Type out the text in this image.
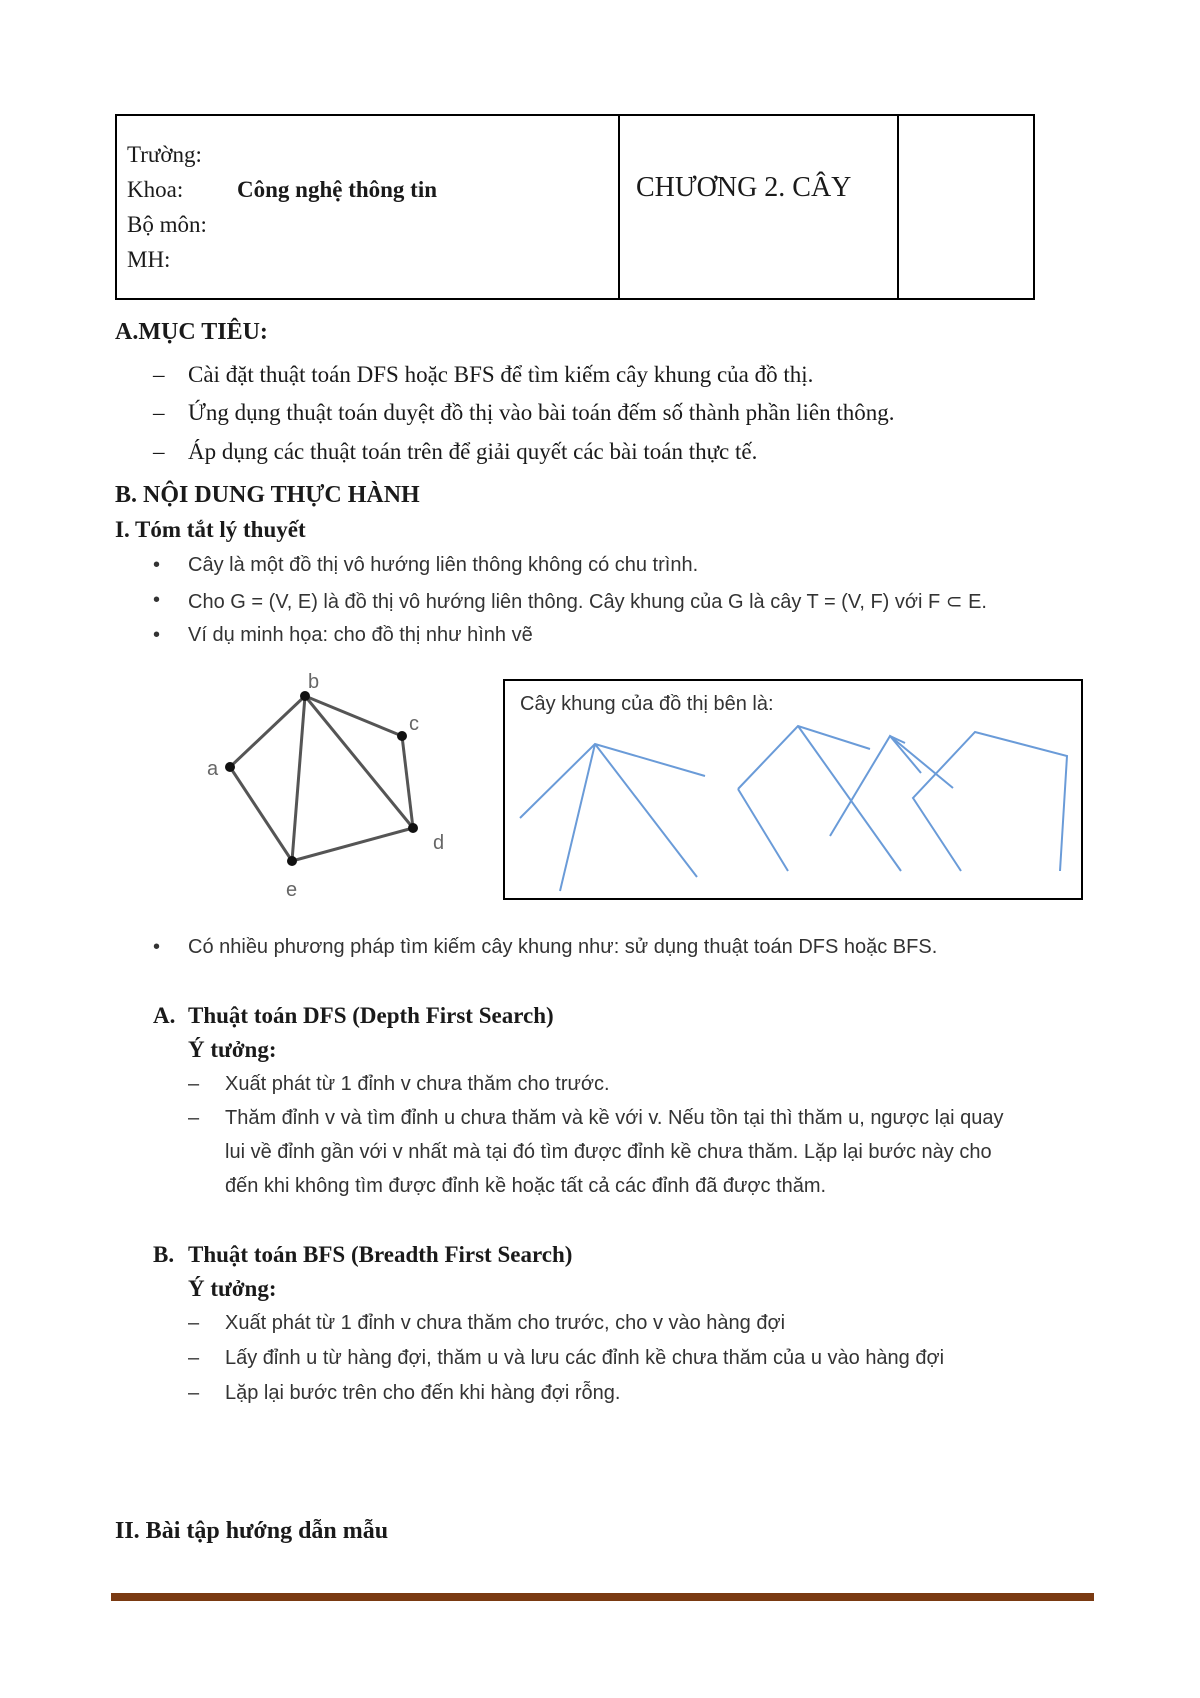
Trường:
Khoa: Công nghệ thông tin
Bộ môn:
MH:
CHƯƠNG 2. CÂY
A.MỤC TIÊU:
– Cài đặt thuật toán DFS hoặc BFS để tìm kiếm cây khung của đồ thị.
– Ứng dụng thuật toán duyệt đồ thị vào bài toán đếm số thành phần liên thông.
– Áp dụng các thuật toán trên để giải quyết các bài toán thực tế.
B. NỘI DUNG THỰC HÀNH
I. Tóm tắt lý thuyết
• Cây là một đồ thị vô hướng liên thông không có chu trình.
• Cho G = (V, E) là đồ thị vô hướng liên thông. Cây khung của G là cây T = (V, F) với F ⊂ E.
• Ví dụ minh họa: cho đồ thị như hình vẽ
a
b
c
d
e
Cây khung của đồ thị bên là:
• Có nhiều phương pháp tìm kiếm cây khung như: sử dụng thuật toán DFS hoặc BFS.
A. Thuật toán DFS (Depth First Search)
Ý tưởng:
– Xuất phát từ 1 đỉnh v chưa thăm cho trước.
– Thăm đỉnh v và tìm đỉnh u chưa thăm và kề với v. Nếu tồn tại thì thăm u, ngược lại quay
lui về đỉnh gần với v nhất mà tại đó tìm được đỉnh kề chưa thăm. Lặp lại bước này cho
đến khi không tìm được đỉnh kề hoặc tất cả các đỉnh đã được thăm.
B. Thuật toán BFS (Breadth First Search)
Ý tưởng:
– Xuất phát từ 1 đỉnh v chưa thăm cho trước, cho v vào hàng đợi
– Lấy đỉnh u từ hàng đợi, thăm u và lưu các đỉnh kề chưa thăm của u vào hàng đợi
– Lặp lại bước trên cho đến khi hàng đợi rỗng.
II. Bài tập hướng dẫn mẫu
